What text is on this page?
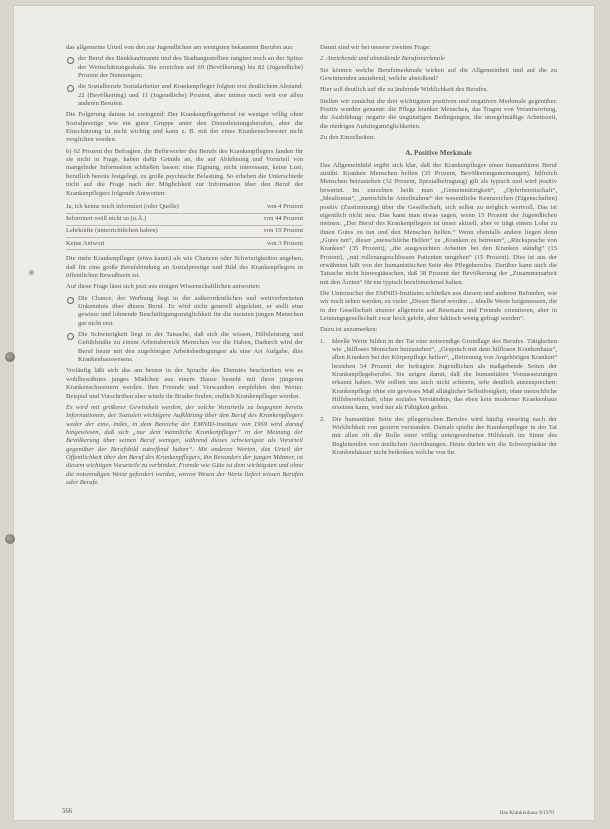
⊛

das allgemeine Urteil von den zur Jugendlichen am wenigsten bekannten Berufen aus:

der Beruf des Bankkaufmanns und des Stadtangestellten rangiert noch an der Spitze der Wertschätzungsskala. Sie erreichen auf 69 (Bevölkerung) bis 82 (Jugendliche) Prozent der Nennungen;
die Sozialberufe Sozialarbeiter und Krankenpfleger folgten erst deutlichem Abstand: 22 (Bevölkerung) und 11 (Jugendliche) Prozent, aber immer noch weit vor allen anderen Berufen.

Die Folgerung daraus ist zwingend: Der Krankenpflegerberuf ist weniger völlig ohne Sozialprestige wie ein guter Gruppe unter den Dienstleistungsberufen, aber die Einschätzung ist nicht wichtig und kann z. B. mit der eines Krankenschwester nicht verglichen werden.

b) 62 Prozent der Befragten, die Befürworter des Berufs des Krankenpflegers fanden für sie nicht in Frage, haben dafür Gründe an, die auf Ablehnung und Vorurteil von mangelnder Information schließen lassen: eine Eignung, nicht interessant, keine Lust, beruflich bereits festgelegt, zu große psychische Belastung. So erheben die Unterschiede nicht auf die Frage nach der Möglichkeit zur Information über den Beruf der Krankenpflegers folgende Antworten:

Ja, ich kenne mich informiert (oder Quelle)	von 4 Prozent
Informiert weiß nicht so (u.Ä.)	von 44 Prozent
Lehrkräfte (unterrichtlichen haben)	von 19 Prozent
Keine Antwort	von 3 Prozent

Die mehr Krankenpfleger (etwa kaum) als wie Chancen oder Schwierigkeiten angeben, daß für eine große Berufsbindung an Sozialprestige und Bild des Krankenpflegers in öffentlichen Bewußtsein ist.

Auf diese Frage lässt sich jetzt aus einigen Wissenschaftlichen antworten:

Die Chance, der Werbung liegt in der außerordentlichen und weitverbreiteten Unkenntnis über diesen Beruf. Er wird nicht generell abgelehnt, er stellt eine gewisse und lohnende Beschäftigungsmöglichkeit für die meisten jungen Menschen gar nicht erst.
Die Schwierigkeit liegt in der Tatsache, daß sich die wissen, Hilfeleistung und Gefühlsnähe zu einem Arbeitsbereich Menschen vor die Haben, Dadurch wird der Beruf heute mit den zugehörigen Arbeitsbedingungen als eine Art Aufgabe, dies Krankenhauswesens.

Vorläufig läßt sich das am besten in der Sprache des Dienstes beschreiben wie es wohlbewährtes junges Mädchen aus einem Hause besteht mit ihren jüngeren Krankenschwestern werden. Ihre Freunde und Verwandten empfehlen den Weiter. Beispiel und Vorschriften aber würde ihr Bruder finden, endlich Krankenpfleger werden.

Es wird mit größerer Gewissheit werden, der solche Vorurteile zu begegnen bereits Informationen, der Sozialen wichtigere Aufklärung über den Beruf des Krankenpflegers weder der eine, indes, in dem Bereiche der EMNID-Institute von 1969 wird darauf hingewiesen, daß sich „nur dem männliche Krankenpfleger“ in der Meinung der Bevölkerung über seinen Beruf weniger, während dieses schwierigste als Vorurteil gegenüber der Berufsbild zutreffend haben“. Mit anderen Worten, das Urteil der Öffentlichkeit über den Beruf des Krankenpflegers, ihn Besonders der jungen Männer, ist diesem wichtigen Vorurteile zu verbinden. Fremde wie Güte ist dem wichtigsten und ohne die notwendigen Weise gefordert werden, wovon Wesen der Werte liefert wissen Berufen oder Berufe.

Damit sind wir bei unserer zweiten Frage:

2. Anziehende und abstoßende Berufsmerkmale

Sie können welche Berufsmerkmale wirken auf die Allgemeinheit und auf die zu Gewinnenden anziehend, welche abstoßend?

Hier soll deutlich auf die zu ändernde Wirklichkeit des Berufes.

Stellen wir zunächst die drei wichtigsten positiven und negativen Merkmale gegenüber. Positiv wurden genannt: die Pflege kranker Menschen, das Tragen von Verantwortung, die Ausbildung: negativ die ungünstigen Bedingungen, die unregelmäßige Arbeitszeit, die niedrigen Aufstiegsmöglichkeiten.

Zu den Einzelheiten:

A. Positive Merkmale

Das Allgemeinbild ergibt sich klar, daß der Krankenpfleger einen humanitären Beruf ausübt. Kranken Menschen helfen (35 Prozent, Bevölkerungsmeinungen), hilfreich Menschen beizustehen (32 Prozent, Spezialbefragung) gilt als typisch und wird positiv bewertet. Im einzelnen heißt man „Gemeinnützigkeit“, „Opferbereitschaft“, „Idealismus“, „menschliche Anteilnahme“ der wesentliche Kennzeichen (Eigenschaften) positiv (Zustimmung) über die Gesellschaft, sich selbst zu möglich wertvoll. Das ist eigentlich nicht neu. Das kann man etwas sagen, wenn 15 Prozent der Jugendlichen meinen: „Der Beruf des Krankenpflegers ist unser aktuell, aber er trägt einem Lohn zu ihnen Gutes zu tun und den Menschen helfen.“ Wenn ebenfalls andere liegen denn „Gutes tun“, dieser „menschliche Helfen“ zu „Kranken zu betreuen“, „Rücksprache von Kranken“ (35 Prozent), „die ausgesuchten Arbeiten bei den Kranken ständig“ (15 Prozent), „mit rollenangeschlossen Patienten umgehen“ (15 Prozent). Dies ist aus der erwähnten hält von der humanistischen Seite des Pflegeberufes. Darüber kann auch die Tatsache nicht hinwegtäuschen, daß 38 Prozent der Bevölkerung der „Zusammenarbeit mit den Ärzten“ für ein typisch berufsmerkmal halten.

Die Untersucher der EMNID-Institutes schließen aus diesem und anderen Befunden, wie wir noch sehen werden, zu vieler „Dieser Beruf werden ... ideelle Werte beigemessen, die in der Gesellschaft unserer allgemein auf Resonanz und Freunde orientieren, aber in Leistungsgesellschaft zwar hoch gelobt, aber faktisch wenig gefragt werden“.

Dazu ist anzumerken:

1. Ideelle Werte bilden in der Tat eine notwendige Grundlage des Berufes. Tätigkeiten wie „hilfloses Menschen beizustehen“, „Gespräch mit dem hilflosen Krankenhaus“, allen Kranken bei der Körperpflege helfen“, „Betreuung von Angehörigen Kranken“ beziehen 54 Prozent der befragten Jugendlichen als maßgebende Seiten der Krankenpflegeberufes. Sie zeigen damit, daß die humanitären Voraussetzungen erkannt haben. Wir sollten uns auch nicht scheuen, sehr deutlich auszusprechen: Krankenpflege ohne ein gewisses Maß alltäglicher Selbstlosigkeit, ohne menschliche Hilfsbereitschaft, ohne soziales Verständnis, das eben kein moderner Krankenhaus ersetzen kann, wird nur als Fähigkeit gelten.
2. Die humanitäre Seite des pflegerischen Berufes wird häufig einseitig nach der Wirklichkeit von gestern verstanden. Damals spielte der Krankenpfleger in der Tat mit allen oft die Rolle einer völlig untergeordneten Hilfskraft im Sinne des Begleitenden von ärztlichen Anordnungen. Heute dürfen wir die Schwerpunkte der Krankenhäuser nicht bedenken welche von ihr.
566	Das Krankenhaus 9/1970
